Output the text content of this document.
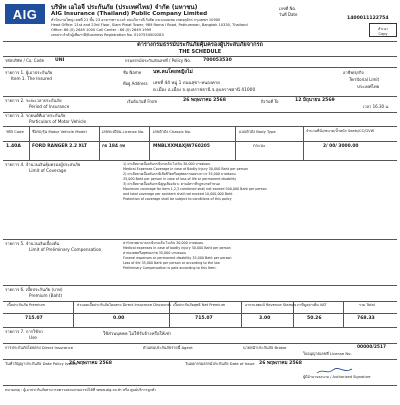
AIG บริษัท เอไอจี ประกันภัย (ประเทศไทย) จำกัด (มหาชน)
AIG Insurance (Thailand) Public Company Limited
สำนักงานใหญ่ เลขที่ 21 ชั้น 23 อาคารทาวเวอร์ ถนนวิภาวดี-รังสิต แขวงจอมพล เขตจตุจักร กรุงเทพฯ 10900
Head Office: 21st and 23rd Floor, Siam Piwat Tower, 989 Rama I Road, Pathumwan, Bangkok 10330, Thailand
Office: 66 (0) 2649 1000 Call Center : 66 (0) 2649 1999
เลขประจำตัวผู้เสียภาษี/Business Registration No. 0107554000283
เลขที่ No.
วันที่ Date
1400011122754
สำเนา
Copy
ตารางกรมธรรม์ประกันภัยคุ้มครองผู้ประสบภัยจากรถ
THE SCHEDULE
รหัสบริษัท / Co. Code UNI	กรมธรรม์ประกันภัยเลขที่ / Policy No.	700053530
รายการ 1. ผู้เอาประกันภัย
Item 1. The Insured
ชื่อ Name นพ.ลนโดยหญิงไม่	อาชีพ/ธุรกิจ
ที่อยู่ Address เลขที่ 44 หมู่ 1 ถนนสุขา-หนองคาย
ต.เมือง อ.เมือง จ.อุบลราชธานี จ.อุบลราชธานี 41000
Territorial Limit
ประเทศไทย
รายการ 2. ระยะเวลาประกันภัย
Period of Insurance
เริ่มต้นวันที่ From	26 พฤษภาคม 2568	ถึงวันที่ To	12 มิถุนายน 2569
เวลา 16.30 น.
รายการ 3. รถยนต์ที่เอาประกันภัย
Particulars of Motor Vehicle
รหัส Code ชื่อรถ/รุ่น Motor Vehicle Model	เลขทะเบียน License No. เลขตัวถัง Chassis No.	แบบตัวถัง Body Type	จำนวนที่นั่ง/ขนาด/น้ำหนัก Seats/CC/GVW
1.40A	FORD RANGER 2.2 XLT	กจ 184 กท	MNBLXXMAXJW760205	กระบะ	2/ 00/ 3000.00
รายการ 4. จำนวนเงินคุ้มครองผู้ประสบภัย
Limit of Coverage
1) ค่าเสียหายเบื้องต้นกรณีบาดเจ็บ ไม่เกิน 30,000 บาทต่อคน
Medical Expenses Coverage in case of Bodily Injury 30,000 Baht per person
2) ค่าเสียหายเบื้องต้นกรณีเสียชีวิตหรือทุพพลภาพอย่างถาวร 35,000 บาทต่อคน
35,000 Baht per person in case of loss of life or permanent disability
3) ค่าเสียหายเบื้องต้นกรณีสูญเสียอวัยวะ ตามอัตราที่กฎหมายกำหนด
Maximum coverage for item 1,2,3 combined shall not exceed 500,000 Baht per person
and total coverage per accident shall not exceed 10,000,000 Baht
Protection of coverage shall be subject to conditions of this policy
รายการ 5. จำนวนเงินเบื้องต้น
Limit of Preliminary Compensation
ค่ารักษาพยาบาลกรณีบาดเจ็บ ไม่เกิน 30,000 บาทต่อคน
Medical expenses in case of bodily injury 30,000 Baht per person
ค่าปลงศพหรือทุพพลภาพ 35,000 บาทต่อคน
Funeral expenses or permanent disability 35,000 Baht per person
Loss of life 35,000 Baht per person or according to the law
Preliminary Compensation is paid according to this Item.
รายการ 6. เบี้ยประกันภัย (บาท)
Premium (Baht)
เบี้ยประกันภัย Premium	ส่วนลดเบี้ยประกันภัยโดยตรง Direct Insurance Discounts เบี้ยประกันภัยสุทธิ Net Premium	อากรแสตมป์ Revenue Stamps ภาษีมูลค่าเพิ่ม VAT	รวม Total
715.07	0.00	715.07	3.00	50.26	768.33
รายการ 7. การใช้รถ
Use
ใช้ส่วนบุคคล ไม่ใช้รับจ้างหรือให้เช่า
การประกันภัยโดยตรง Direct Insurance	ตัวแทนประกันภัยรายนี้ Agent	นายหน้าประกันภัย Broker
ใบอนุญาตเลขที่ License No.
00000/2517
วันทำสัญญาประกันภัย Date Policy Issued
26 พฤษภาคม 2568	วันออกกรมธรรม์ประกันภัย Date of Issue 26 พฤษภาคม 2568
ผู้มีอำนาจลงนาม / Authorized Signature
หมายเหตุ : ผู้เอาประกันภัยสามารถตรวจสอบกรมธรรม์ได้ที่ www.aig.co.th หรือ ศูนย์บริการลูกค้า
